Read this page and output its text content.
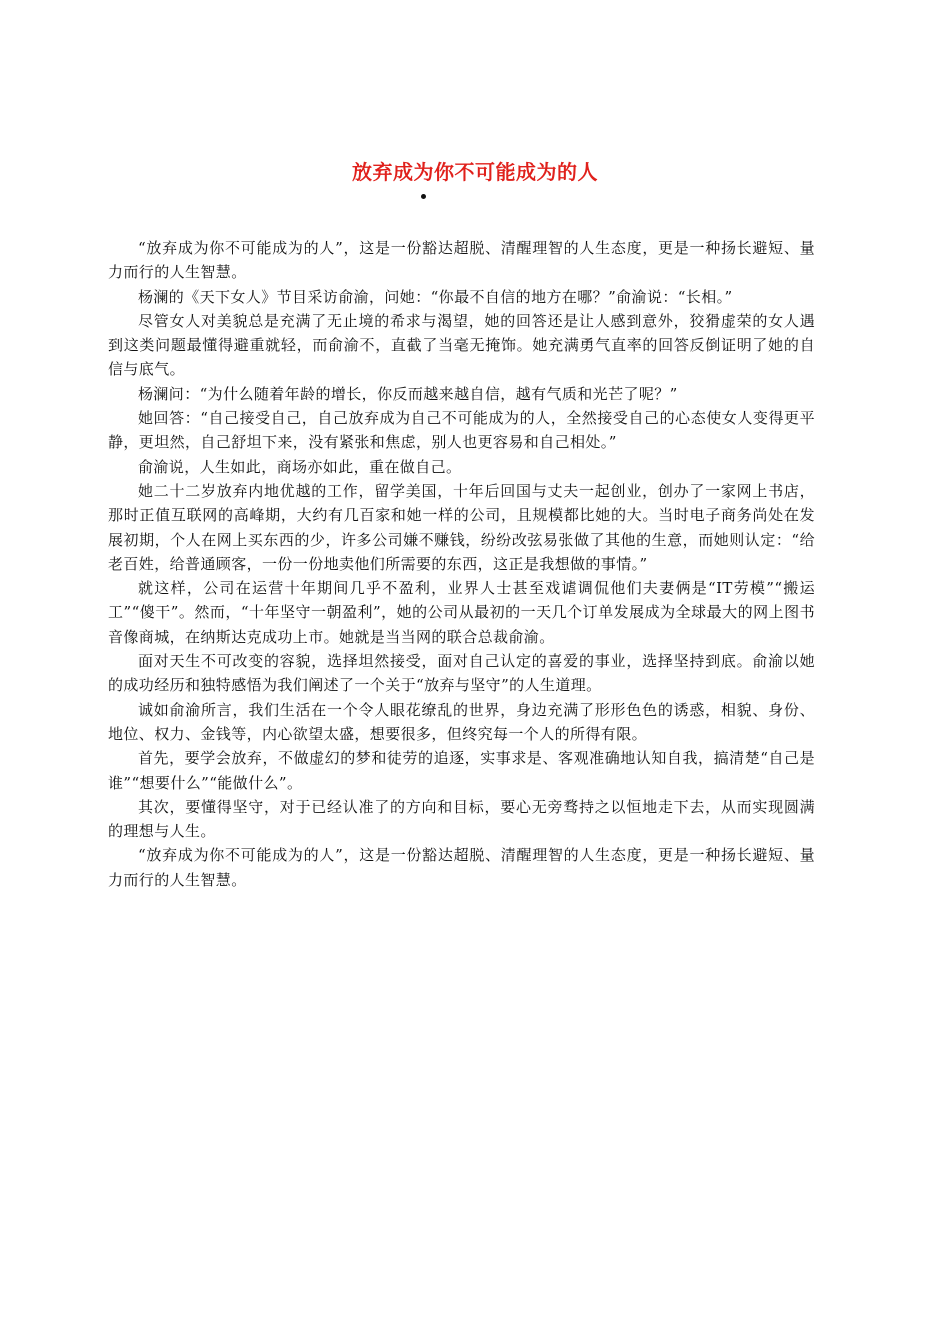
放弃成为你不可能成为的人

“放弃成为你不可能成为的人”，这是一份豁达超脱、清醒理智的人生态度，更是一种扬长避短、量力而行的人生智慧。

杨澜的《天下女人》节目采访俞渝，问她：“你最不自信的地方在哪？”俞渝说：“长相。”

尽管女人对美貌总是充满了无止境的希求与渴望，她的回答还是让人感到意外，狡猾虚荣的女人遇到这类问题最懂得避重就轻，而俞渝不，直截了当毫无掩饰。她充满勇气直率的回答反倒证明了她的自信与底气。

杨澜问：“为什么随着年龄的增长，你反而越来越自信，越有气质和光芒了呢？”

她回答：“自己接受自己，自己放弃成为自己不可能成为的人，全然接受自己的心态使女人变得更平静，更坦然，自己舒坦下来，没有紧张和焦虑，别人也更容易和自己相处。”

俞渝说，人生如此，商场亦如此，重在做自己。

她二十二岁放弃内地优越的工作，留学美国，十年后回国与丈夫一起创业，创办了一家网上书店，那时正值互联网的高峰期，大约有几百家和她一样的公司，且规模都比她的大。当时电子商务尚处在发展初期，个人在网上买东西的少，许多公司嫌不赚钱，纷纷改弦易张做了其他的生意，而她则认定：“给老百姓，给普通顾客，一份一份地卖他们所需要的东西，这正是我想做的事情。”

就这样，公司在运营十年期间几乎不盈利，业界人士甚至戏谑调侃他们夫妻俩是“IT劳模”“搬运工”“傻干”。然而，“十年坚守一朝盈利”，她的公司从最初的一天几个订单发展成为全球最大的网上图书音像商城，在纳斯达克成功上市。她就是当当网的联合总裁俞渝。

面对天生不可改变的容貌，选择坦然接受，面对自己认定的喜爱的事业，选择坚持到底。俞渝以她的成功经历和独特感悟为我们阐述了一个关于“放弃与坚守”的人生道理。

诚如俞渝所言，我们生活在一个令人眼花缭乱的世界，身边充满了形形色色的诱惑，相貌、身份、地位、权力、金钱等，内心欲望太盛，想要很多，但终究每一个人的所得有限。

首先，要学会放弃，不做虚幻的梦和徒劳的追逐，实事求是、客观准确地认知自我，搞清楚“自己是谁”“想要什么”“能做什么”。

其次，要懂得坚守，对于已经认准了的方向和目标，要心无旁骛持之以恒地走下去，从而实现圆满的理想与人生。

“放弃成为你不可能成为的人”，这是一份豁达超脱、清醒理智的人生态度，更是一种扬长避短、量力而行的人生智慧。
